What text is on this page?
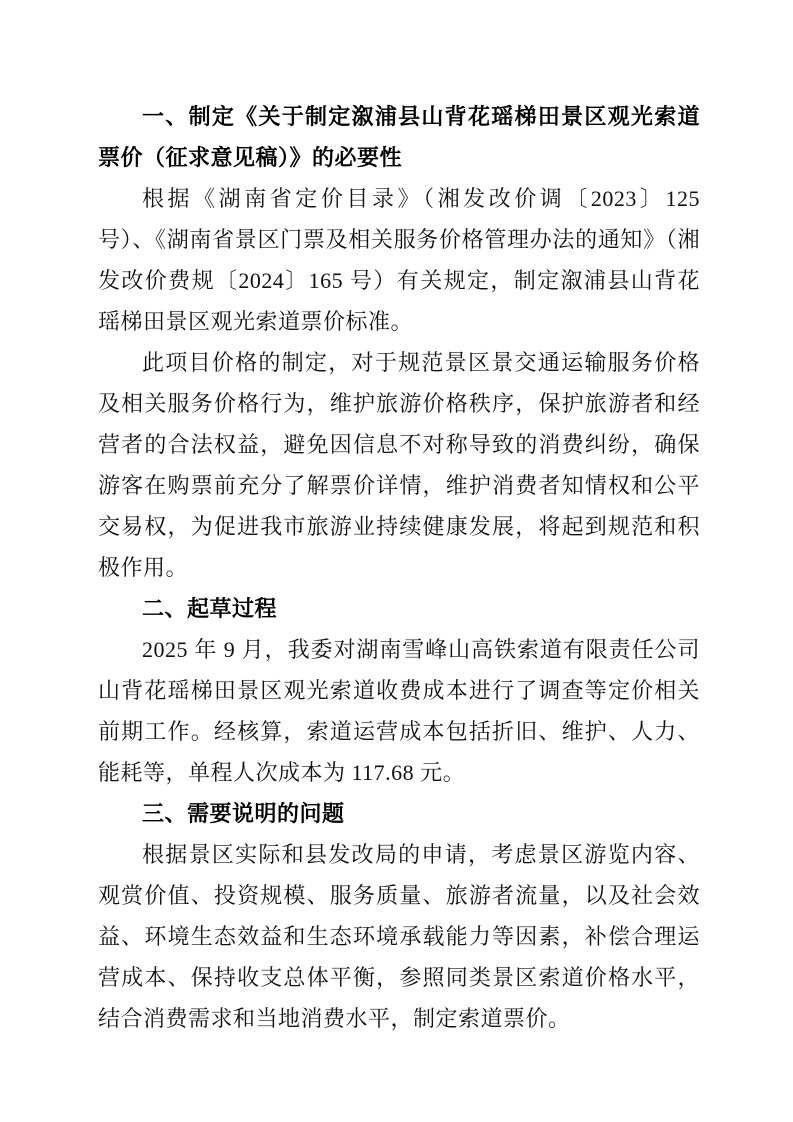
一、制定《关于制定溆浦县山背花瑶梯田景区观光索道票价（征求意见稿）》的必要性

根据《湖南省定价目录》（湘发改价调〔2023〕125 号）、《湖南省景区门票及相关服务价格管理办法的通知》（湘发改价费规〔2024〕165 号）有关规定，制定溆浦县山背花瑶梯田景区观光索道票价标准。

此项目价格的制定，对于规范景区景交通运输服务价格及相关服务价格行为，维护旅游价格秩序，保护旅游者和经营者的合法权益，避免因信息不对称导致的消费纠纷，确保游客在购票前充分了解票价详情，维护消费者知情权和公平交易权，为促进我市旅游业持续健康发展，将起到规范和积极作用。

二、起草过程

2025 年 9 月，我委对湖南雪峰山高铁索道有限责任公司山背花瑶梯田景区观光索道收费成本进行了调查等定价相关前期工作。经核算，索道运营成本包括折旧、维护、人力、能耗等，单程人次成本为 117.68 元。

三、需要说明的问题

根据景区实际和县发改局的申请，考虑景区游览内容、观赏价值、投资规模、服务质量、旅游者流量，以及社会效益、环境生态效益和生态环境承载能力等因素，补偿合理运营成本、保持收支总体平衡，参照同类景区索道价格水平，结合消费需求和当地消费水平，制定索道票价。
